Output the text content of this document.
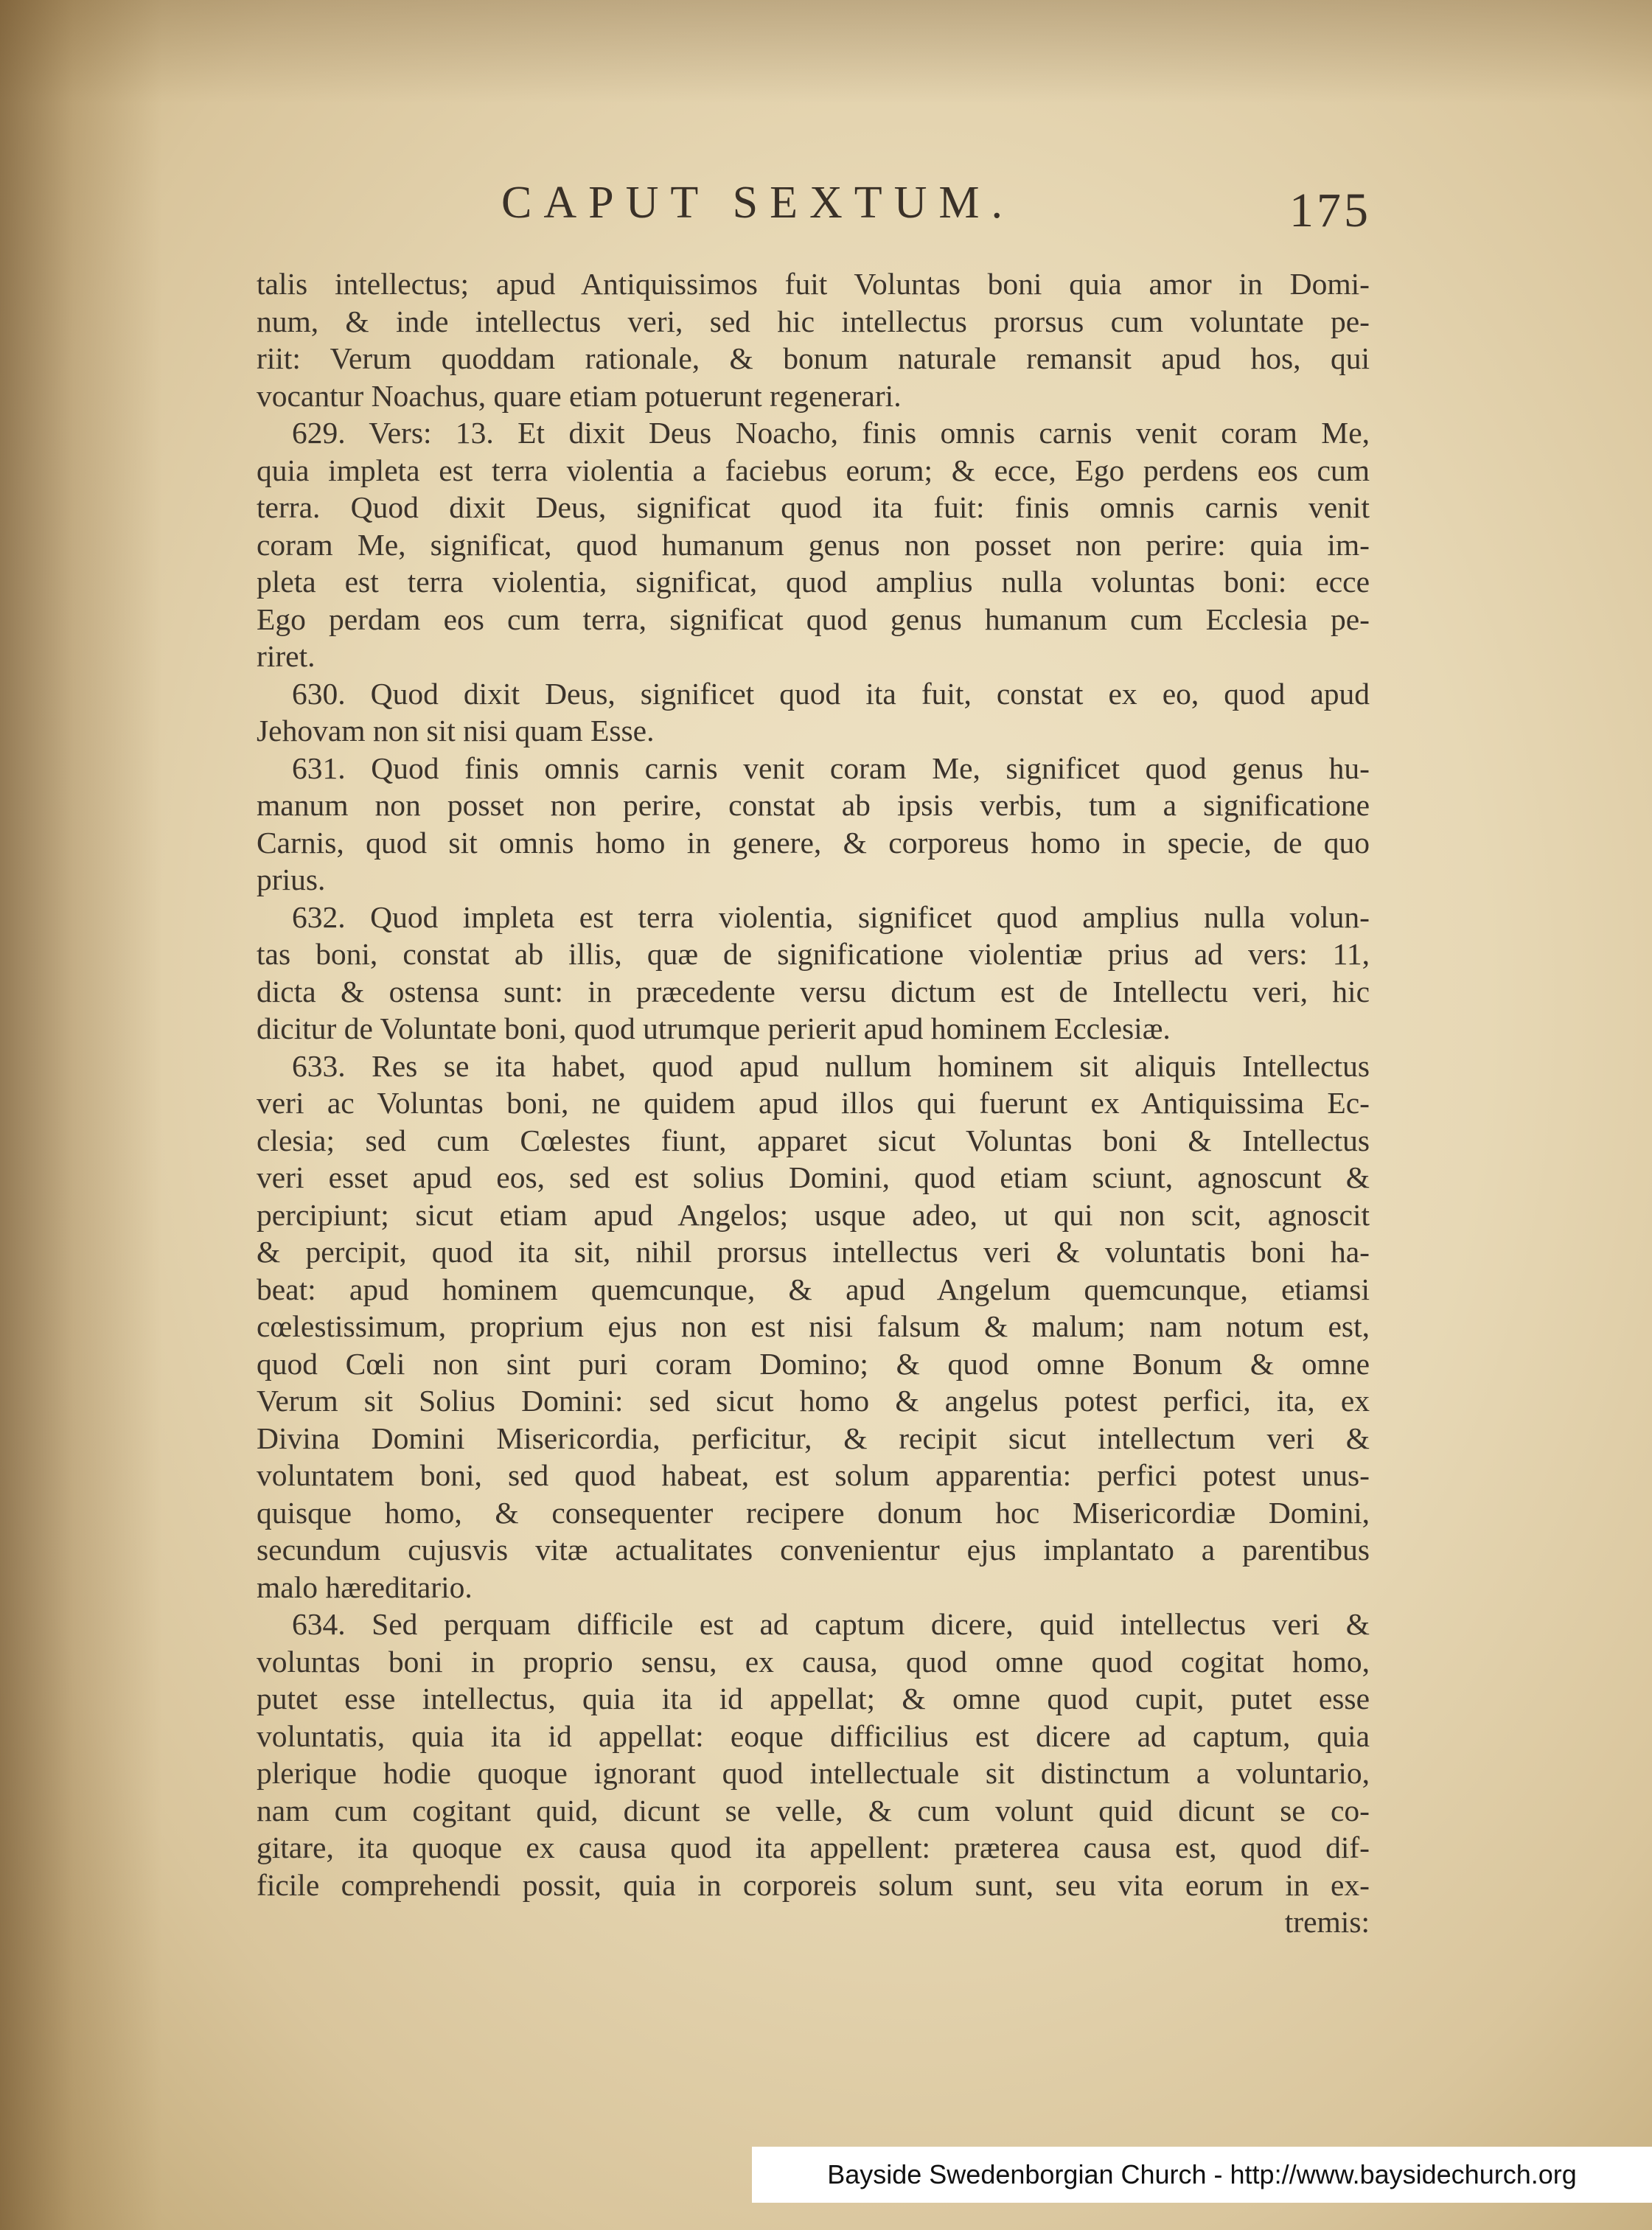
CAPUT SEXTUM.	175
talis intellectus; apud Antiquissimos fuit Voluntas boni quia amor in Domi-
num, & inde intellectus veri, sed hic intellectus prorsus cum voluntate pe-
riit: Verum quoddam rationale, & bonum naturale remansit apud hos, qui
vocantur Noachus, quare etiam potuerunt regenerari.
629. Vers: 13. Et dixit Deus Noacho, finis omnis carnis venit coram Me,
quia impleta est terra violentia a faciebus eorum; & ecce, Ego perdens eos cum
terra. Quod dixit Deus, significat quod ita fuit: finis omnis carnis venit
coram Me, significat, quod humanum genus non posset non perire: quia im-
pleta est terra violentia, significat, quod amplius nulla voluntas boni: ecce
Ego perdam eos cum terra, significat quod genus humanum cum Ecclesia pe-
riret.
630. Quod dixit Deus, significet quod ita fuit, constat ex eo, quod apud
Jehovam non sit nisi quam Esse.
631. Quod finis omnis carnis venit coram Me, significet quod genus hu-
manum non posset non perire, constat ab ipsis verbis, tum a significatione
Carnis, quod sit omnis homo in genere, & corporeus homo in specie, de quo
prius.
632. Quod impleta est terra violentia, significet quod amplius nulla volun-
tas boni, constat ab illis, quæ de significatione violentiæ prius ad vers: 11,
dicta & ostensa sunt: in præcedente versu dictum est de Intellectu veri, hic
dicitur de Voluntate boni, quod utrumque perierit apud hominem Ecclesiæ.
633. Res se ita habet, quod apud nullum hominem sit aliquis Intellectus
veri ac Voluntas boni, ne quidem apud illos qui fuerunt ex Antiquissima Ec-
clesia; sed cum Cœlestes fiunt, apparet sicut Voluntas boni & Intellectus
veri esset apud eos, sed est solius Domini, quod etiam sciunt, agnoscunt &
percipiunt; sicut etiam apud Angelos; usque adeo, ut qui non scit, agnoscit
& percipit, quod ita sit, nihil prorsus intellectus veri & voluntatis boni ha-
beat: apud hominem quemcunque, & apud Angelum quemcunque, etiamsi
cœlestissimum, proprium ejus non est nisi falsum & malum; nam notum est,
quod Cœli non sint puri coram Domino; & quod omne Bonum & omne
Verum sit Solius Domini: sed sicut homo & angelus potest perfici, ita, ex
Divina Domini Misericordia, perficitur, & recipit sicut intellectum veri &
voluntatem boni, sed quod habeat, est solum apparentia: perfici potest unus-
quisque homo, & consequenter recipere donum hoc Misericordiæ Domini,
secundum cujusvis vitæ actualitates convenientur ejus implantato a parentibus
malo hæreditario.
634. Sed perquam difficile est ad captum dicere, quid intellectus veri &
voluntas boni in proprio sensu, ex causa, quod omne quod cogitat homo,
putet esse intellectus, quia ita id appellat; & omne quod cupit, putet esse
voluntatis, quia ita id appellat: eoque difficilius est dicere ad captum, quia
plerique hodie quoque ignorant quod intellectuale sit distinctum a voluntario,
nam cum cogitant quid, dicunt se velle, & cum volunt quid dicunt se co-
gitare, ita quoque ex causa quod ita appellent: præterea causa est, quod dif-
ficile comprehendi possit, quia in corporeis solum sunt, seu vita eorum in ex-
tremis:
Bayside Swedenborgian Church - http://www.baysidechurch.org
